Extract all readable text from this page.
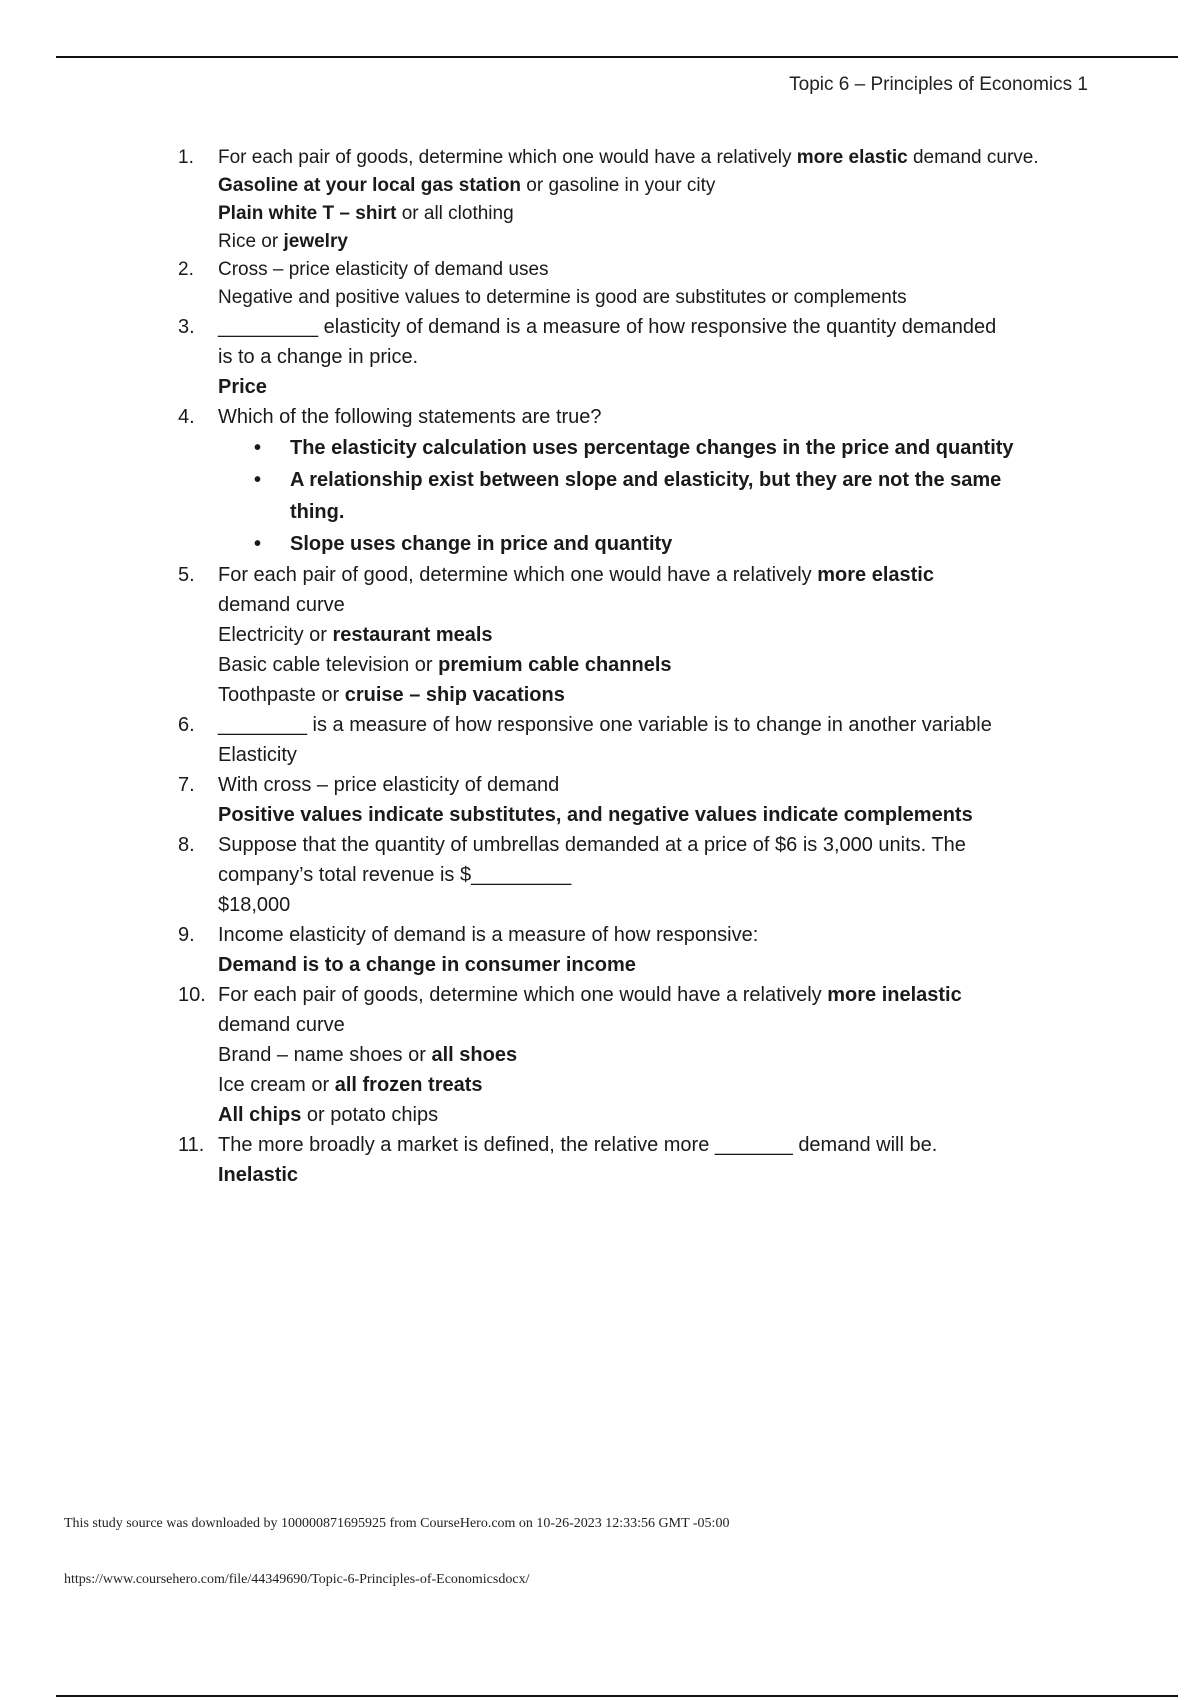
Topic 6 – Principles of Economics 1
1.	For each pair of goods, determine which one would have a relatively more elastic demand curve.
Gasoline at your local gas station or gasoline in your city
Plain white T – shirt or all clothing
Rice or jewelry
2.	Cross – price elasticity of demand uses
Negative and positive values to determine is good are substitutes or complements
3.	_________ elasticity of demand is a measure of how responsive the quantity demanded
is to a change in price.
Price
4.	Which of the following statements are true?
• The elasticity calculation uses percentage changes in the price and quantity
• A relationship exist between slope and elasticity, but they are not the same thing.
• Slope uses change in price and quantity
5.	For each pair of good, determine which one would have a relatively more elastic
demand curve
Electricity or restaurant meals
Basic cable television or premium cable channels
Toothpaste or cruise – ship vacations
6.	________ is a measure of how responsive one variable is to change in another variable
Elasticity
7.	With cross – price elasticity of demand
Positive values indicate substitutes, and negative values indicate complements
8.	Suppose that the quantity of umbrellas demanded at a price of $6 is 3,000 units. The
company’s total revenue is $_________
$18,000
9.	Income elasticity of demand is a measure of how responsive:
Demand is to a change in consumer income
10. For each pair of goods, determine which one would have a relatively more inelastic
demand curve
Brand – name shoes or all shoes
Ice cream or all frozen treats
All chips or potato chips
11. The more broadly a market is defined, the relative more _______ demand will be.
Inelastic
This study source was downloaded by 100000871695925 from CourseHero.com on 10-26-2023 12:33:56 GMT -05:00
https://www.coursehero.com/file/44349690/Topic-6-Principles-of-Economicsdocx/
